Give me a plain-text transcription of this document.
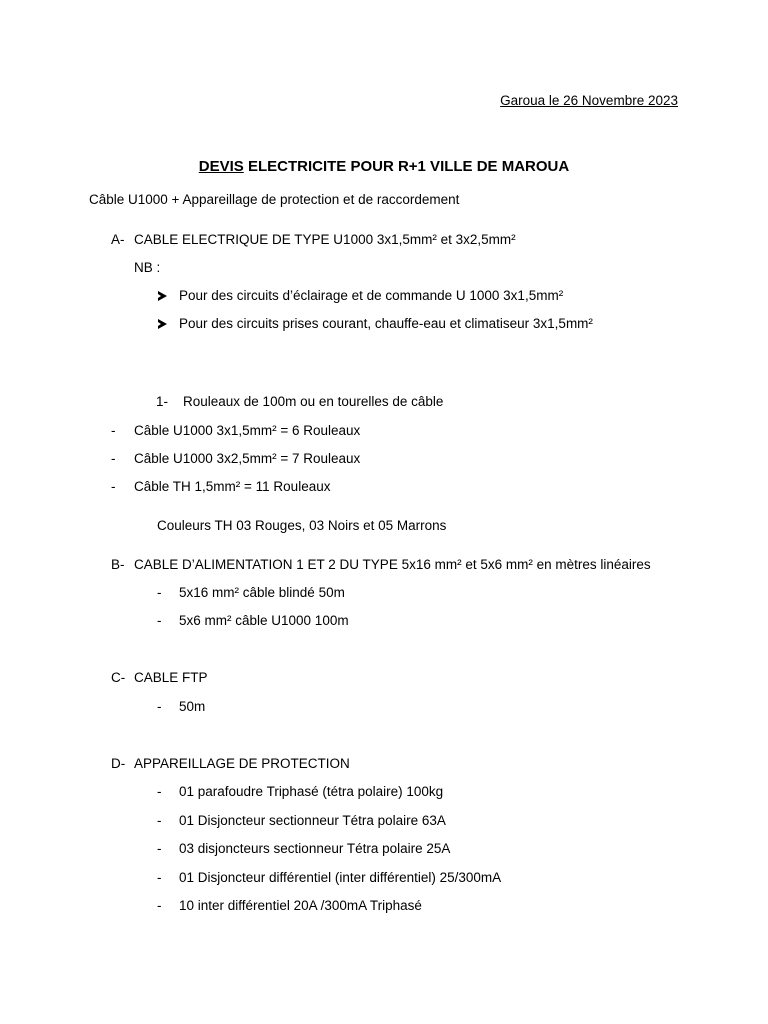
Garoua le 26 Novembre 2023
DEVIS ELECTRICITE POUR R+1 VILLE DE MAROUA
Câble U1000 + Appareillage de protection et de raccordement
A- CABLE ELECTRIQUE DE TYPE U1000 3x1,5mm² et 3x2,5mm²
NB :
Pour des circuits d’éclairage et de commande U 1000 3x1,5mm²
Pour des circuits prises courant, chauffe-eau et climatiseur 3x1,5mm²
1- Rouleaux de 100m ou en tourelles de câble
- Câble U1000 3x1,5mm² = 6 Rouleaux
- Câble U1000 3x2,5mm² = 7 Rouleaux
- Câble TH 1,5mm² = 11 Rouleaux
Couleurs TH 03 Rouges, 03 Noirs et 05 Marrons
B- CABLE D’ALIMENTATION 1 ET 2 DU TYPE 5x16 mm² et 5x6 mm² en mètres linéaires
- 5x16 mm² câble blindé 50m
- 5x6 mm² câble U1000 100m
C- CABLE FTP
- 50m
D- APPAREILLAGE DE PROTECTION
- 01 parafoudre Triphasé (tétra polaire) 100kg
- 01 Disjoncteur sectionneur Tétra polaire 63A
- 03 disjoncteurs sectionneur Tétra polaire 25A
- 01 Disjoncteur différentiel (inter différentiel) 25/300mA
- 10 inter différentiel 20A /300mA Triphasé
